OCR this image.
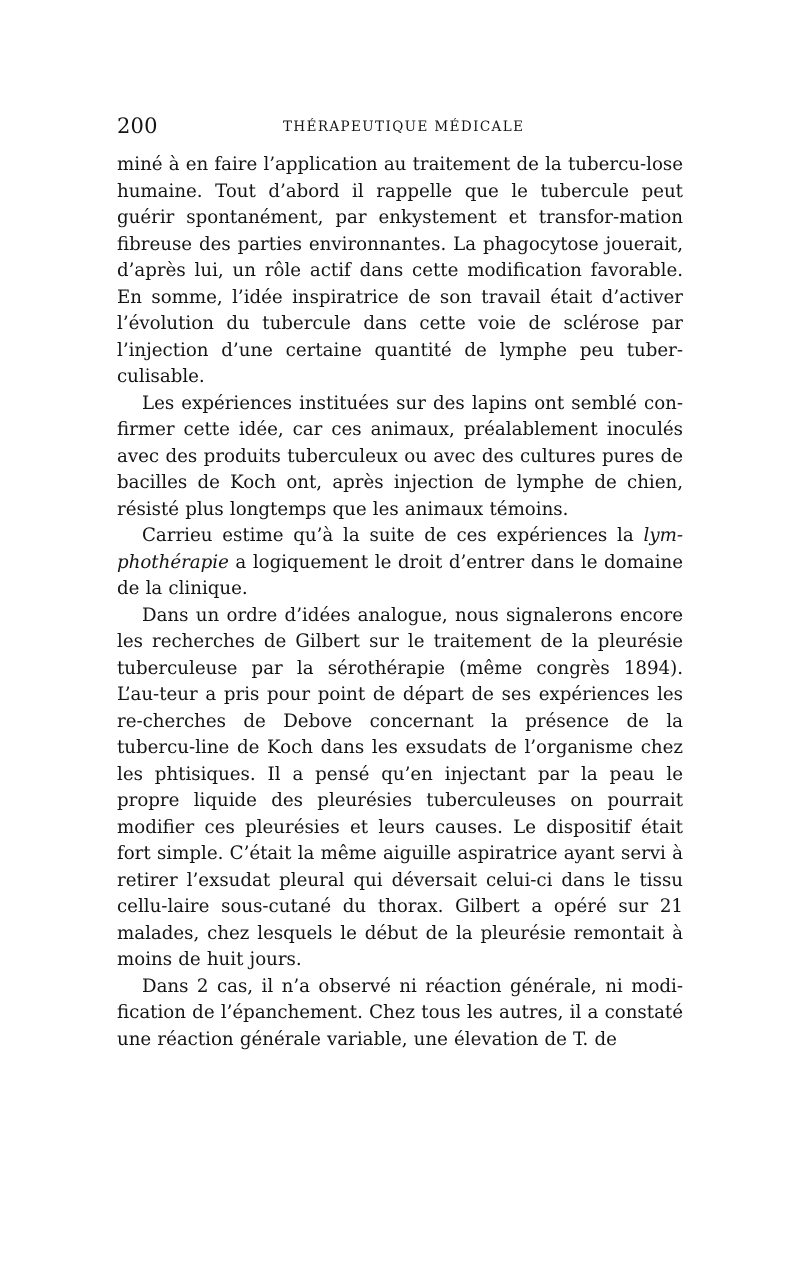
200	THÉRAPEUTIQUE MÉDICALE

miné à en faire l’application au traitement de la tubercu-lose humaine. Tout d’abord il rappelle que le tubercule peut guérir spontanément, par enkystement et transfor-mation fibreuse des parties environnantes. La phagocytose jouerait, d’après lui, un rôle actif dans cette modification favorable. En somme, l’idée inspiratrice de son travail était d’activer l’évolution du tubercule dans cette voie de sclérose par l’injection d’une certaine quantité de lymphe peu tuber-culisable.

Les expériences instituées sur des lapins ont semblé con-firmer cette idée, car ces animaux, préalablement inoculés avec des produits tuberculeux ou avec des cultures pures de bacilles de Koch ont, après injection de lymphe de chien, résisté plus longtemps que les animaux témoins.

Carrieu estime qu’à la suite de ces expériences la lym-phothérapie a logiquement le droit d’entrer dans le domaine de la clinique.

Dans un ordre d’idées analogue, nous signalerons encore les recherches de Gilbert sur le traitement de la pleurésie tuberculeuse par la sérothérapie (même congrès 1894). L’au-teur a pris pour point de départ de ses expériences les re-cherches de Debove concernant la présence de la tubercu-line de Koch dans les exsudats de l’organisme chez les phtisiques. Il a pensé qu’en injectant par la peau le propre liquide des pleurésies tuberculeuses on pourrait modifier ces pleurésies et leurs causes. Le dispositif était fort simple. C’était la même aiguille aspiratrice ayant servi à retirer l’exsudat pleural qui déversait celui-ci dans le tissu cellu-laire sous-cutané du thorax. Gilbert a opéré sur 21 malades, chez lesquels le début de la pleurésie remontait à moins de huit jours.

Dans 2 cas, il n’a observé ni réaction générale, ni modi-fication de l’épanchement. Chez tous les autres, il a constaté une réaction générale variable, une élevation de T. de
